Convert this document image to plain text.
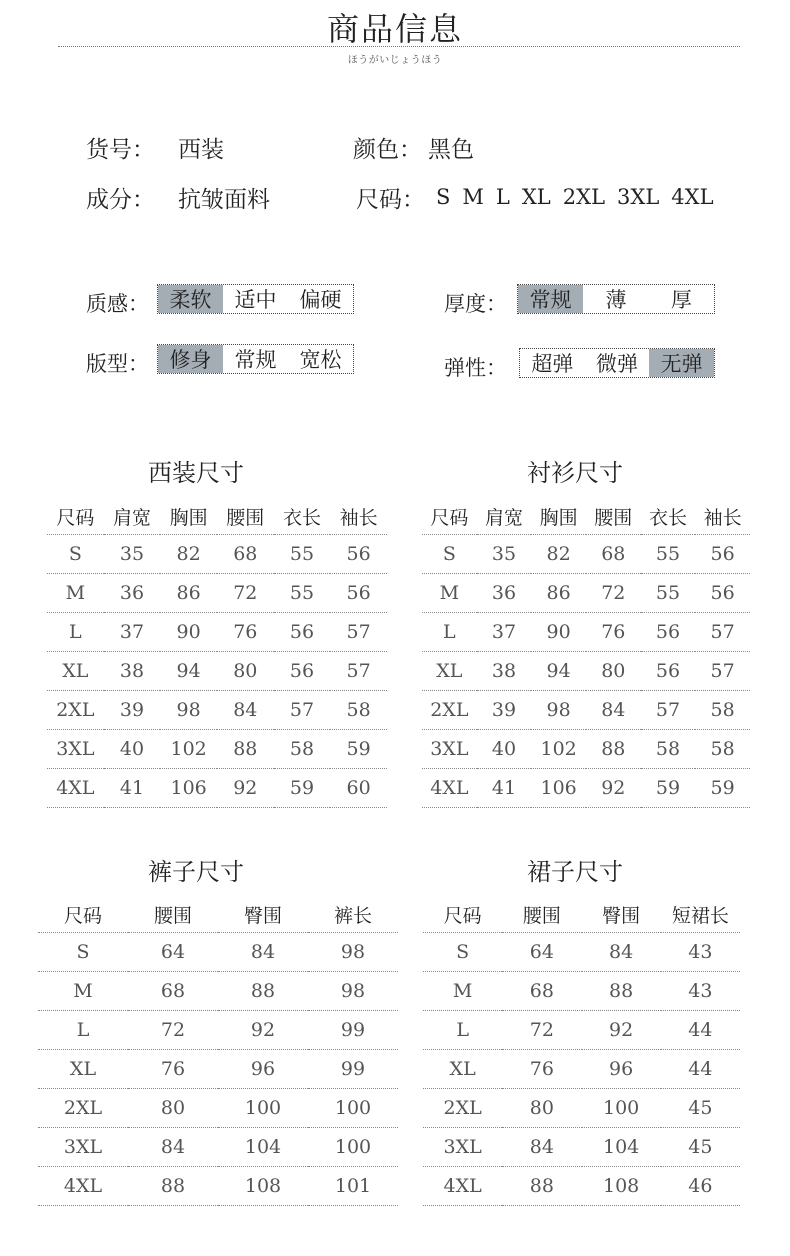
商品信息
ほうがいじょうほう
货号： 西装	颜色： 黑色
成分： 抗皱面料	尺码： S M L XL 2XL 3XL 4XL
质感： 柔软	适中	偏硬	厚度：	常规	薄	厚
版型： 修身	常规	宽松	弹性：	超弹	微弹	无弹
西装尺寸	衬衫尺寸
裤子尺寸	裙子尺寸
尺码	肩宽	胸围	腰围	衣长	袖长
S	35	82	68	55	56
M	36	86	72	55	56
L	37	90	76	56	57
XL	38	94	80	56	57
2XL	39	98	84	57	58
3XL	40	102	88	58	59
4XL	41	106	92	59	60
尺码	肩宽	胸围	腰围	衣长	袖长
S	35	82	68	55	56
M	36	86	72	55	56
L	37	90	76	56	57
XL	38	94	80	56	57
2XL	39	98	84	57	58
3XL	40	102	88	58	58
4XL	41	106	92	59	59
尺码	腰围	臀围	裤长
S	64	84	98
M	68	88	98
L	72	92	99
XL	76	96	99
2XL	80	100	100
3XL	84	104	100
4XL	88	108	101
尺码	腰围	臀围	短裙长
S	64	84	43
M	68	88	43
L	72	92	44
XL	76	96	44
2XL	80	100	45
3XL	84	104	45
4XL	88	108	46
